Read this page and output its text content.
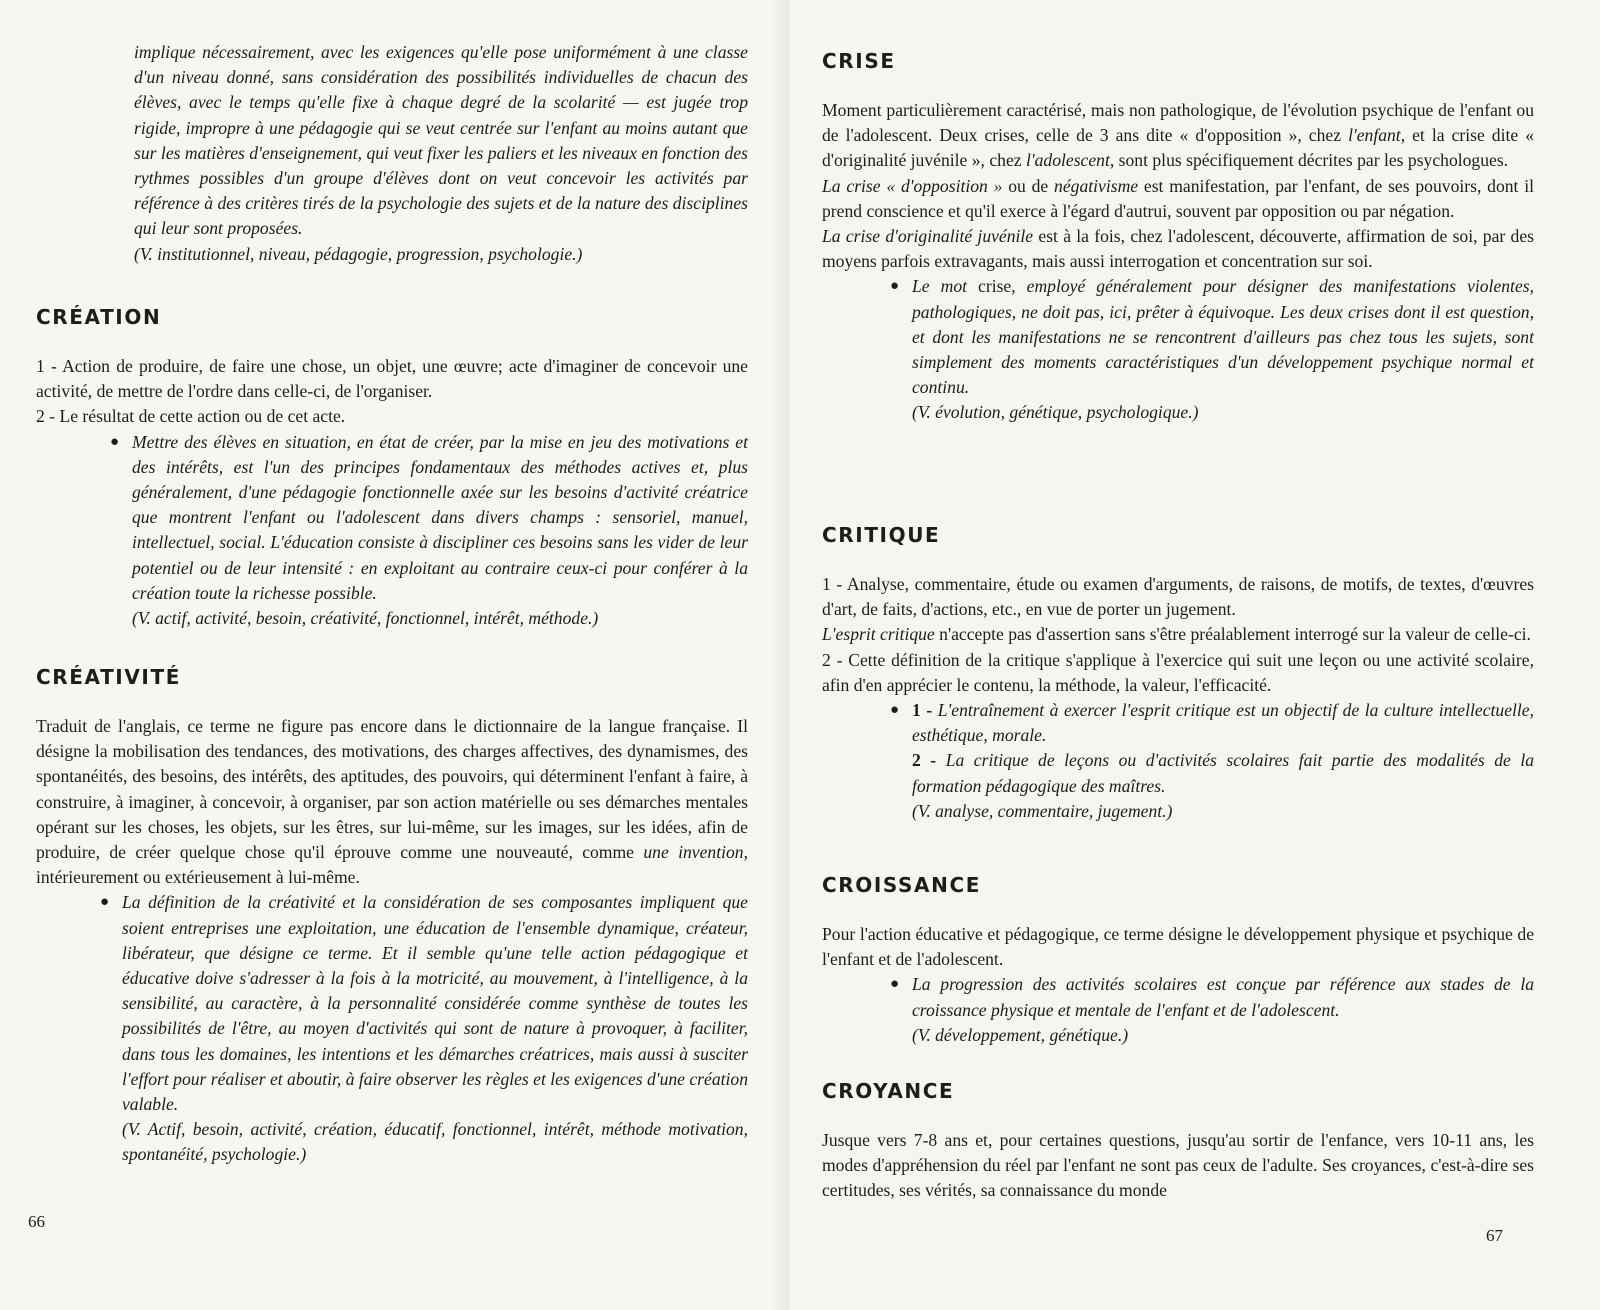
implique nécessairement, avec les exigences qu'elle pose uniformément à une classe d'un niveau donné, sans considération des possibilités individuelles de chacun des élèves, avec le temps qu'elle fixe à chaque degré de la scolarité — est jugée trop rigide, impropre à une pédagogie qui se veut centrée sur l'enfant au moins autant que sur les matières d'enseignement, qui veut fixer les paliers et les niveaux en fonction des rythmes possibles d'un groupe d'élèves dont on veut concevoir les activités par référence à des critères tirés de la psychologie des sujets et de la nature des disciplines qui leur sont proposées.

(V. institutionnel, niveau, pédagogie, progression, psychologie.)

CRÉATION

1 - Action de produire, de faire une chose, un objet, une œuvre; acte d'imaginer de concevoir une activité, de mettre de l'ordre dans celle-ci, de l'organiser.

2 - Le résultat de cette action ou de cet acte.

●
Mettre des élèves en situation, en état de créer, par la mise en jeu des motivations et des intérêts, est l'un des principes fondamentaux des méthodes actives et, plus généralement, d'une pédagogie fonctionnelle axée sur les besoins d'activité créatrice que montrent l'enfant ou l'adolescent dans divers champs : sensoriel, manuel, intellectuel, social. L'éducation consiste à discipliner ces besoins sans les vider de leur potentiel ou de leur intensité : en exploitant au contraire ceux-ci pour conférer à la création toute la richesse possible.
(V. actif, activité, besoin, créativité, fonctionnel, intérêt, méthode.)
CRÉATIVITÉ

Traduit de l'anglais, ce terme ne figure pas encore dans le dictionnaire de la langue française. Il désigne la mobilisation des tendances, des motivations, des charges affectives, des dynamismes, des spontanéités, des besoins, des intérêts, des aptitudes, des pouvoirs, qui déterminent l'enfant à faire, à construire, à imaginer, à concevoir, à organiser, par son action matérielle ou ses démarches mentales opérant sur les choses, les objets, sur les êtres, sur lui-même, sur les images, sur les idées, afin de produire, de créer quelque chose qu'il éprouve comme une nouveauté, comme une invention, intérieurement ou extérieusement à lui-même.

●
La définition de la créativité et la considération de ses composantes impliquent que soient entreprises une exploitation, une éducation de l'ensemble dynamique, créateur, libérateur, que désigne ce terme. Et il semble qu'une telle action pédagogique et éducative doive s'adresser à la fois à la motricité, au mouvement, à l'intelligence, à la sensibilité, au caractère, à la personnalité considérée comme synthèse de toutes les possibilités de l'être, au moyen d'activités qui sont de nature à provoquer, à faciliter, dans tous les domaines, les intentions et les démarches créatrices, mais aussi à susciter l'effort pour réaliser et aboutir, à faire observer les règles et les exigences d'une création valable.
(V. Actif, besoin, activité, création, éducatif, fonctionnel, intérêt, méthode motivation, spontanéité, psychologie.)
66
CRISE

Moment particulièrement caractérisé, mais non pathologique, de l'évolution psychique de l'enfant ou de l'adolescent. Deux crises, celle de 3 ans dite « d'opposition », chez l'enfant, et la crise dite « d'originalité juvénile », chez l'adolescent, sont plus spécifiquement décrites par les psychologues.

La crise « d'opposition » ou de négativisme est manifestation, par l'enfant, de ses pouvoirs, dont il prend conscience et qu'il exerce à l'égard d'autrui, souvent par opposition ou par négation.

La crise d'originalité juvénile est à la fois, chez l'adolescent, découverte, affirmation de soi, par des moyens parfois extravagants, mais aussi interrogation et concentration sur soi.

●
Le mot crise, employé généralement pour désigner des manifestations violentes, pathologiques, ne doit pas, ici, prêter à équivoque. Les deux crises dont il est question, et dont les manifestations ne se rencontrent d'ailleurs pas chez tous les sujets, sont simplement des moments caractéristiques d'un développement psychique normal et continu.
(V. évolution, génétique, psychologique.)
CRITIQUE

1 - Analyse, commentaire, étude ou examen d'arguments, de raisons, de motifs, de textes, d'œuvres d'art, de faits, d'actions, etc., en vue de porter un jugement.

L'esprit critique n'accepte pas d'assertion sans s'être préalablement interrogé sur la valeur de celle-ci.

2 - Cette définition de la critique s'applique à l'exercice qui suit une leçon ou une activité scolaire, afin d'en apprécier le contenu, la méthode, la valeur, l'efficacité.

●
1 - L'entraînement à exercer l'esprit critique est un objectif de la culture intellectuelle, esthétique, morale.
2 - La critique de leçons ou d'activités scolaires fait partie des modalités de la formation pédagogique des maîtres.
(V. analyse, commentaire, jugement.)
CROISSANCE

Pour l'action éducative et pédagogique, ce terme désigne le développement physique et psychique de l'enfant et de l'adolescent.

●
La progression des activités scolaires est conçue par référence aux stades de la croissance physique et mentale de l'enfant et de l'adolescent.
(V. développement, génétique.)
CROYANCE

Jusque vers 7-8 ans et, pour certaines questions, jusqu'au sortir de l'enfance, vers 10-11 ans, les modes d'appréhension du réel par l'enfant ne sont pas ceux de l'adulte. Ses croyances, c'est-à-dire ses certitudes, ses vérités, sa connaissance du monde

67
